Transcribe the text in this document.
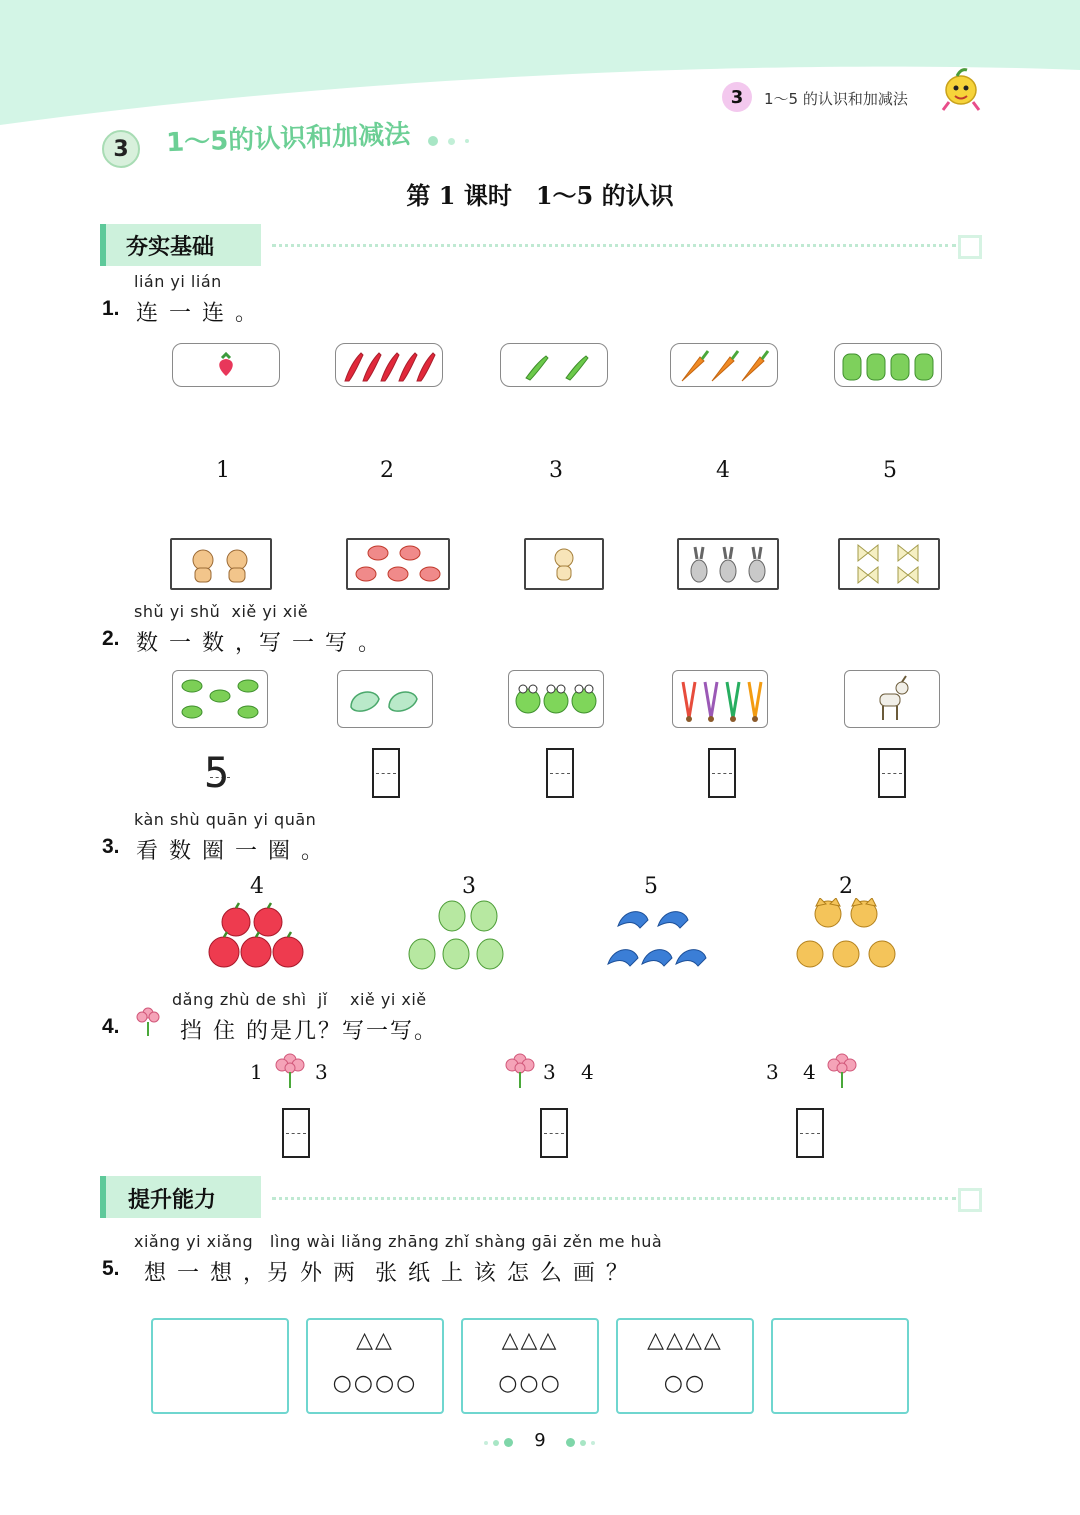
3	1～5 的认识和加减法
3	1～5的认识和加减法
第 1 课时　1～5 的认识
夯实基础
lián yi lián
1. 连 一 连 。
1	2	3	4	5
shǔ yi shǔ  xiě yi xiě
2. 数 一 数 ，写 一 写 。
5
kàn shù quān yi quān
3. 看 数 圈 一 圈 。
4	3	5	2
dǎng zhù de shì  jǐ xiě yi xiě
4.	挡 住 的是几？写一写。
1	3	3 4	3 4
提升能力
xiǎng yi xiǎng   lìng wài liǎng zhāng zhǐ shàng gāi zěn me huà
5. 想 一 想 ，另 外 两  张 纸 上 该 怎 么 画 ？
△△
○○○○
△△△
○○○
△△△△
○○
9
